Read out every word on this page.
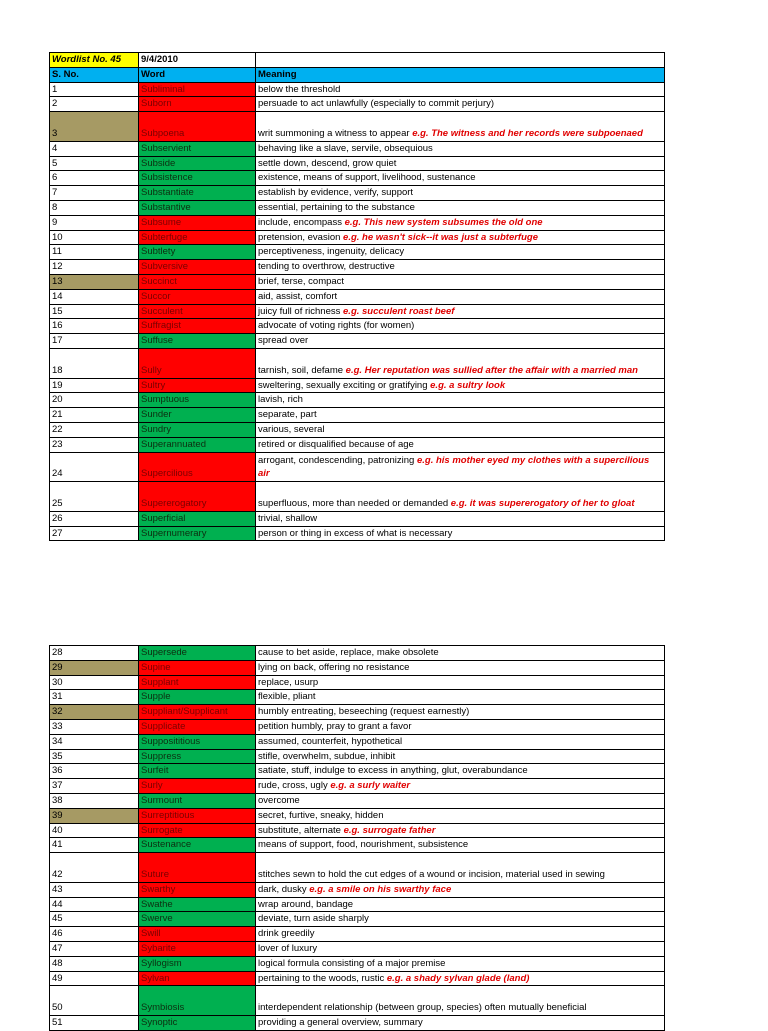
Wordlist No. 45	9/4/2010	
S. No.	Word	Meaning
1	Subliminal	below the threshold
2	Suborn	persuade to act unlawfully (especially to commit perjury)
3	Subpoena	writ summoning a witness to appear e.g. The witness and her records were subpoenaed
4	Subservient	behaving like a slave, servile, obsequious
5	Subside	settle down, descend, grow quiet
6	Subsistence	existence, means of support, livelihood, sustenance
7	Substantiate	establish by evidence, verify, support
8	Substantive	essential, pertaining to the substance
9	Subsume	include, encompass e.g. This new system subsumes the old one
10	Subterfuge	pretension, evasion e.g. he wasn't sick--it was just a subterfuge
11	Subtlety	perceptiveness, ingenuity, delicacy
12	Subversive	tending to overthrow, destructive
13	Succinct	brief, terse, compact
14	Succor	aid, assist, comfort
15	Succulent	juicy full of richness e.g. succulent roast beef
16	Suffragist	advocate of voting rights (for women)
17	Suffuse	spread over
18	Sully	tarnish, soil, defame e.g. Her reputation was sullied after the affair with a married man
19	Sultry	sweltering, sexually exciting or gratifying e.g. a sultry look
20	Sumptuous	lavish, rich
21	Sunder	separate, part
22	Sundry	various, several
23	Superannuated	retired or disqualified because of age
24	Supercilious	arrogant, condescending, patronizing e.g. his mother eyed my clothes with a supercilious air
25	Supererogatory	superfluous, more than needed or demanded e.g. it was supererogatory of her to gloat
26	Superficial	trivial, shallow
27	Supernumerary	person or thing in excess of what is necessary
28	Supersede	cause to bet aside, replace, make obsolete
29	Supine	lying on back, offering no resistance
30	Supplant	replace, usurp
31	Supple	flexible, pliant
32	Suppliant/Supplicant	humbly entreating, beseeching (request earnestly)
33	Supplicate	petition humbly, pray to grant a favor
34	Supposititious	assumed, counterfeit, hypothetical
35	Suppress	stifle, overwhelm, subdue, inhibit
36	Surfeit	satiate, stuff, indulge to excess in anything, glut, overabundance
37	Surly	rude, cross, ugly e.g. a surly waiter
38	Surmount	overcome
39	Surreptitious	secret, furtive, sneaky, hidden
40	Surrogate	substitute, alternate e.g. surrogate father
41	Sustenance	means of support, food, nourishment, subsistence
42	Suture	stitches sewn to hold the cut edges of a wound or incision, material used in sewing
43	Swarthy	dark, dusky e.g. a smile on his swarthy face
44	Swathe	wrap around, bandage
45	Swerve	deviate, turn aside sharply
46	Swill	drink greedily
47	Sybarite	lover of luxury
48	Syllogism	logical formula consisting of a major premise
49	Sylvan	pertaining to the woods, rustic e.g. a shady sylvan glade (land)
50	Symbiosis	interdependent relationship (between group, species) often mutually beneficial
51	Synoptic	providing a general overview, summary
